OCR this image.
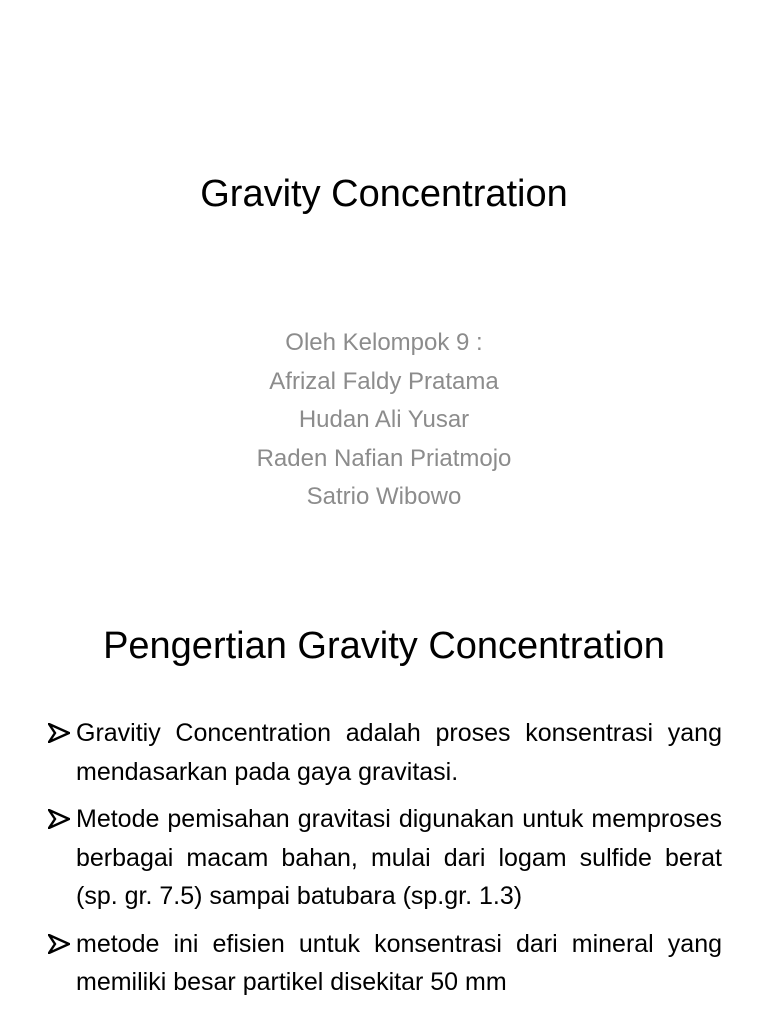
Gravity Concentration
Oleh Kelompok 9 :
Afrizal Faldy Pratama
Hudan Ali Yusar
Raden Nafian Priatmojo
Satrio Wibowo
Pengertian Gravity Concentration
Gravitiy Concentration adalah proses konsentrasi yang mendasarkan pada gaya gravitasi.
Metode pemisahan gravitasi digunakan untuk memproses berbagai macam bahan, mulai dari logam sulfide berat (sp. gr. 7.5) sampai batubara (sp.gr. 1.3)
metode ini efisien untuk konsentrasi dari mineral yang memiliki besar partikel disekitar 50 mm
